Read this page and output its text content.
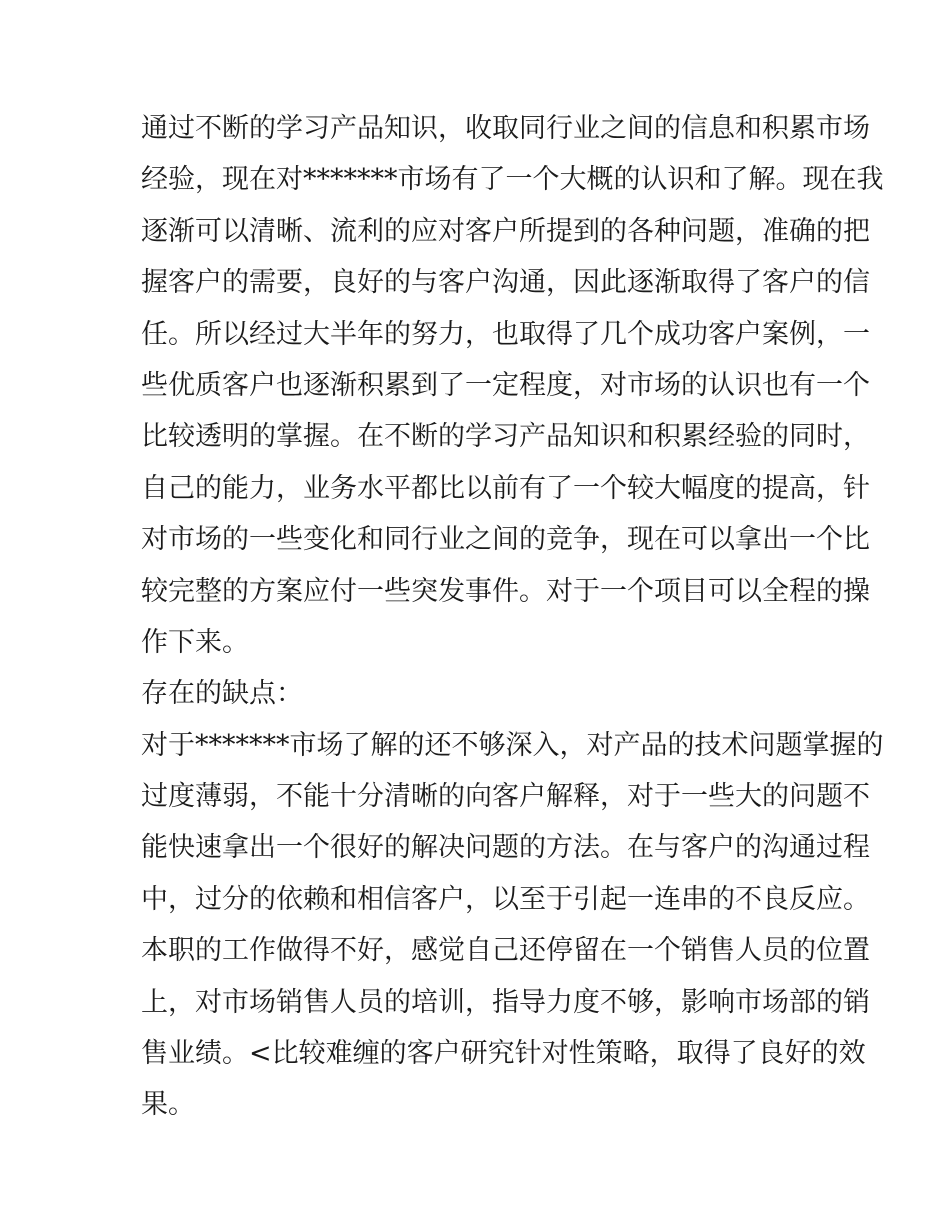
通过不断的学习产品知识，收取同行业之间的信息和积累市场
经验，现在对*******市场有了一个大概的认识和了解。现在我
逐渐可以清晰、流利的应对客户所提到的各种问题，准确的把
握客户的需要，良好的与客户沟通，因此逐渐取得了客户的信
任。所以经过大半年的努力，也取得了几个成功客户案例，一
些优质客户也逐渐积累到了一定程度，对市场的认识也有一个
比较透明的掌握。在不断的学习产品知识和积累经验的同时，
自己的能力，业务水平都比以前有了一个较大幅度的提高，针
对市场的一些变化和同行业之间的竞争，现在可以拿出一个比
较完整的方案应付一些突发事件。对于一个项目可以全程的操
作下来。
存在的缺点：
对于*******市场了解的还不够深入，对产品的技术问题掌握的
过度薄弱，不能十分清晰的向客户解释，对于一些大的问题不
能快速拿出一个很好的解决问题的方法。在与客户的沟通过程
中，过分的依赖和相信客户，以至于引起一连串的不良反应。
本职的工作做得不好，感觉自己还停留在一个销售人员的位置
上，对市场销售人员的培训，指导力度不够，影响市场部的销
售业绩。<比较难缠的客户研究针对性策略，取得了良好的效
果。
